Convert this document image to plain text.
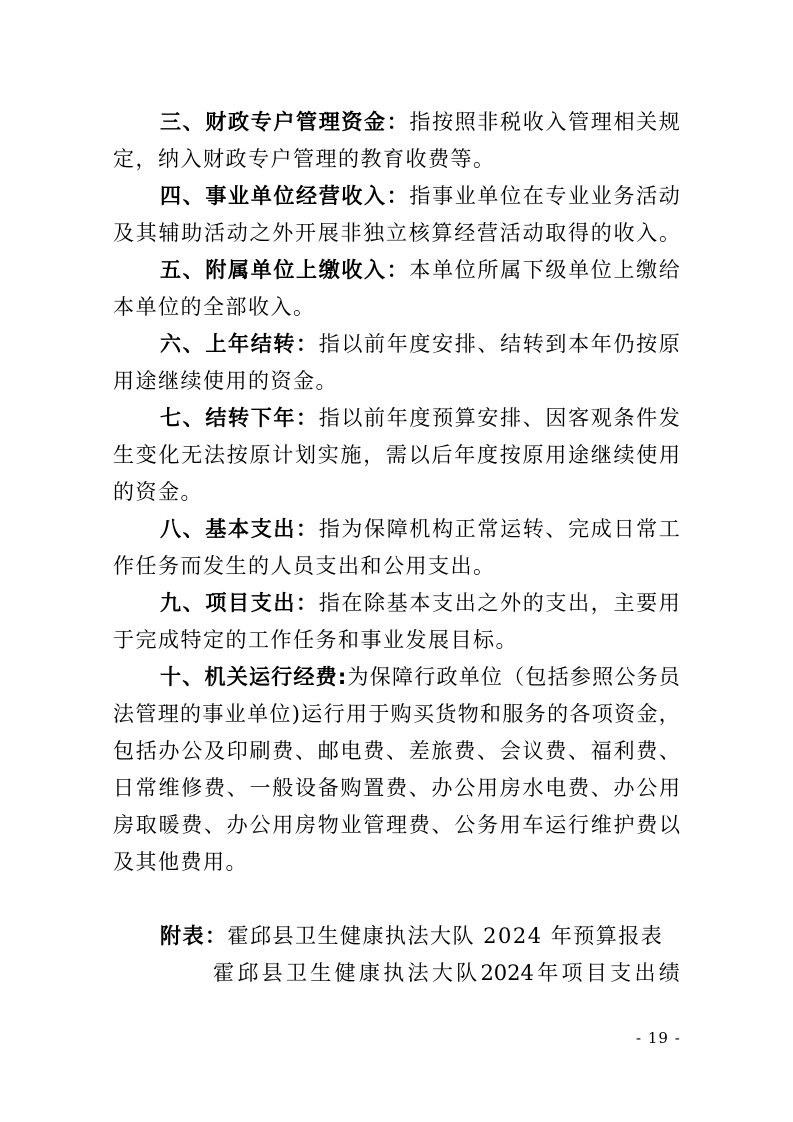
三 、 财 政 专 户 管 理 资 金 ： 指 按 照 非 税 收 入 管 理 相 关 规
定，纳入财政专户管理的教育收费等。
四 、 事 业 单 位 经 营 收 入 ： 指 事 业 单 位 在 专 业 业 务 活 动
及 其 辅 助 活 动 之 外 开 展 非 独 立 核 算 经 营 活 动 取 得 的 收 入 。
五 、 附 属 单 位 上 缴 收 入 ： 本 单 位 所 属 下 级 单 位 上 缴 给
本单位的全部收入。
六 、 上 年 结 转 ： 指 以 前 年 度 安 排 、 结 转 到 本 年 仍 按 原
用途继续使用的资金。
七 、 结 转 下 年 ： 指 以 前 年 度 预 算 安 排 、 因 客 观 条 件 发
生 变 化 无 法 按 原 计 划 实 施 ， 需 以 后 年 度 按 原 用 途 继 续 使 用
的资金。
八 、 基 本 支 出 ： 指 为 保 障 机 构 正 常 运 转 、 完 成 日 常 工
作任务而发生的人员支出和公用支出。
九 、 项 目 支 出 ： 指 在 除 基 本 支 出 之 外 的 支 出 ， 主 要 用
于完成特定的工作任务和事业发展目标。
十 、 机 关 运 行 经 费 : 为 保 障 行 政 单 位 （ 包 括 参 照 公 务 员
法 管 理 的 事 业 单 位 ) 运 行 用 于 购 买 货 物 和 服 务 的 各 项 资 金 ，
包 括 办 公 及 印 刷 费 、 邮 电 费 、 差 旅 费 、 会 议 费 、 福 利 费 、
日 常 维 修 费 、 一 般 设 备 购 置 费 、 办 公 用 房 水 电 费 、 办 公 用
房 取 暖 费 、 办 公 用 房 物 业 管 理 费 、 公 务 用 车 运 行 维 护 费 以
及其他费用。
附表： 霍邱县卫生健康执法大队 2024 年预算报表
霍 邱 县 卫 生 健 康 执 法 大 队 2024 年 项 目 支 出 绩
- 19 -
